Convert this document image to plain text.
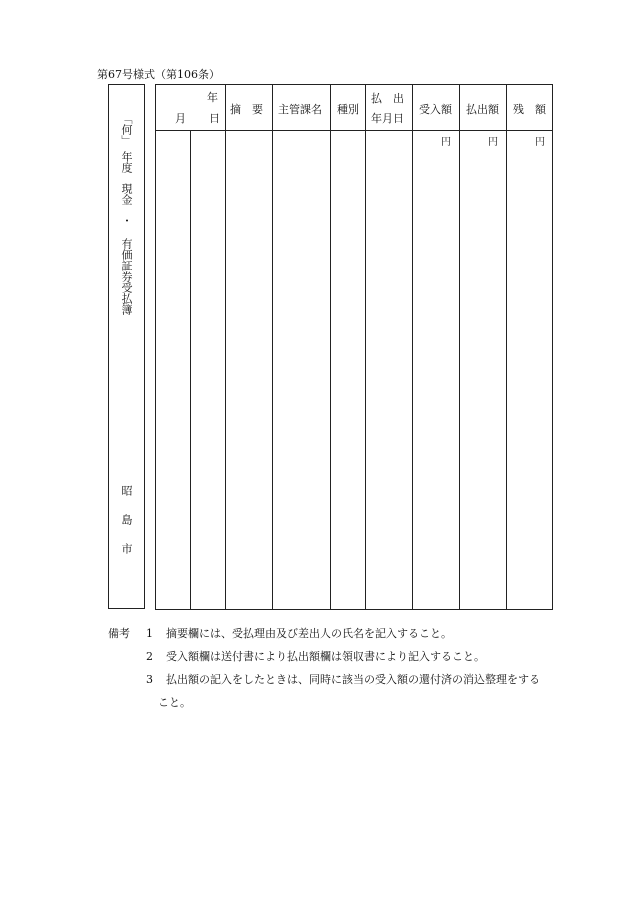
第67号様式（第106条）
「何」
年度
現金
・
有価証券受払簿
昭島市
年
月 日
摘　要 主管課名 種別
払　出
年月日
受入額 払出額 残　額
円	円	円
備考 1 摘要欄には、受払理由及び差出人の氏名を記入すること。
2 受入額欄は送付書により払出額欄は領収書により記入すること。
3 払出額の記入をしたときは、同時に該当の受入額の還付済の消込整理をする
こと。
